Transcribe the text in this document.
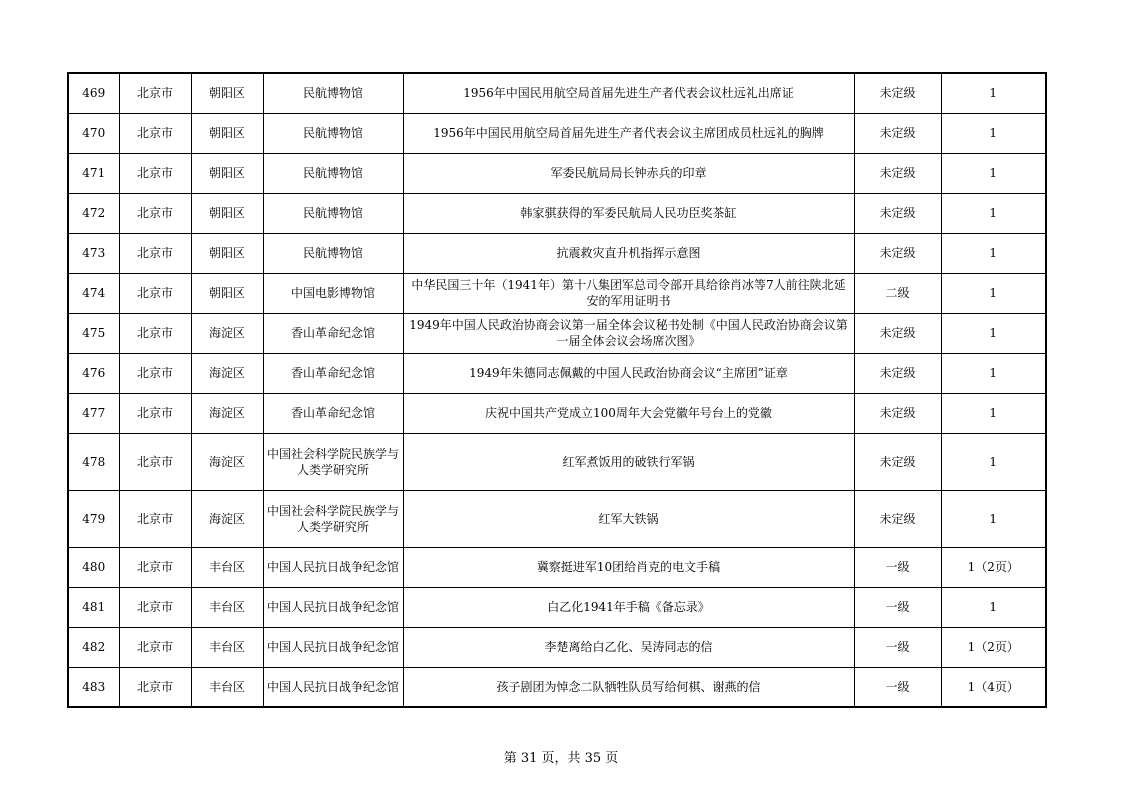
469	北京市	朝阳区	民航博物馆	1956年中国民用航空局首届先进生产者代表会议杜远礼出席证	未定级	1
470	北京市	朝阳区	民航博物馆	1956年中国民用航空局首届先进生产者代表会议主席团成员杜远礼的胸牌	未定级	1
471	北京市	朝阳区	民航博物馆	军委民航局局长钟赤兵的印章	未定级	1
472	北京市	朝阳区	民航博物馆	韩家骐获得的军委民航局人民功臣奖茶缸	未定级	1
473	北京市	朝阳区	民航博物馆	抗震救灾直升机指挥示意图	未定级	1
474	北京市	朝阳区	中国电影博物馆	中华民国三十年（1941年）第十八集团军总司令部开具给徐肖冰等7人前往陕北延安的军用证明书	二级	1
475	北京市	海淀区	香山革命纪念馆	1949年中国人民政治协商会议第一届全体会议秘书处制《中国人民政治协商会议第一届全体会议会场席次图》	未定级	1
476	北京市	海淀区	香山革命纪念馆	1949年朱德同志佩戴的中国人民政治协商会议“主席团”证章	未定级	1
477	北京市	海淀区	香山革命纪念馆	庆祝中国共产党成立100周年大会党徽年号台上的党徽	未定级	1
478	北京市	海淀区	中国社会科学院民族学与人类学研究所	红军煮饭用的破铁行军锅	未定级	1
479	北京市	海淀区	中国社会科学院民族学与人类学研究所	红军大铁锅	未定级	1
480	北京市	丰台区	中国人民抗日战争纪念馆	冀察挺进军10团给肖克的电文手稿	一级	1（2页）
481	北京市	丰台区	中国人民抗日战争纪念馆	白乙化1941年手稿《备忘录》	一级	1
482	北京市	丰台区	中国人民抗日战争纪念馆	李楚离给白乙化、吴涛同志的信	一级	1（2页）
483	北京市	丰台区	中国人民抗日战争纪念馆	孩子剧团为悼念二队牺牲队员写给何棋、谢燕的信	一级	1（4页）
第 31 页，共 35 页
